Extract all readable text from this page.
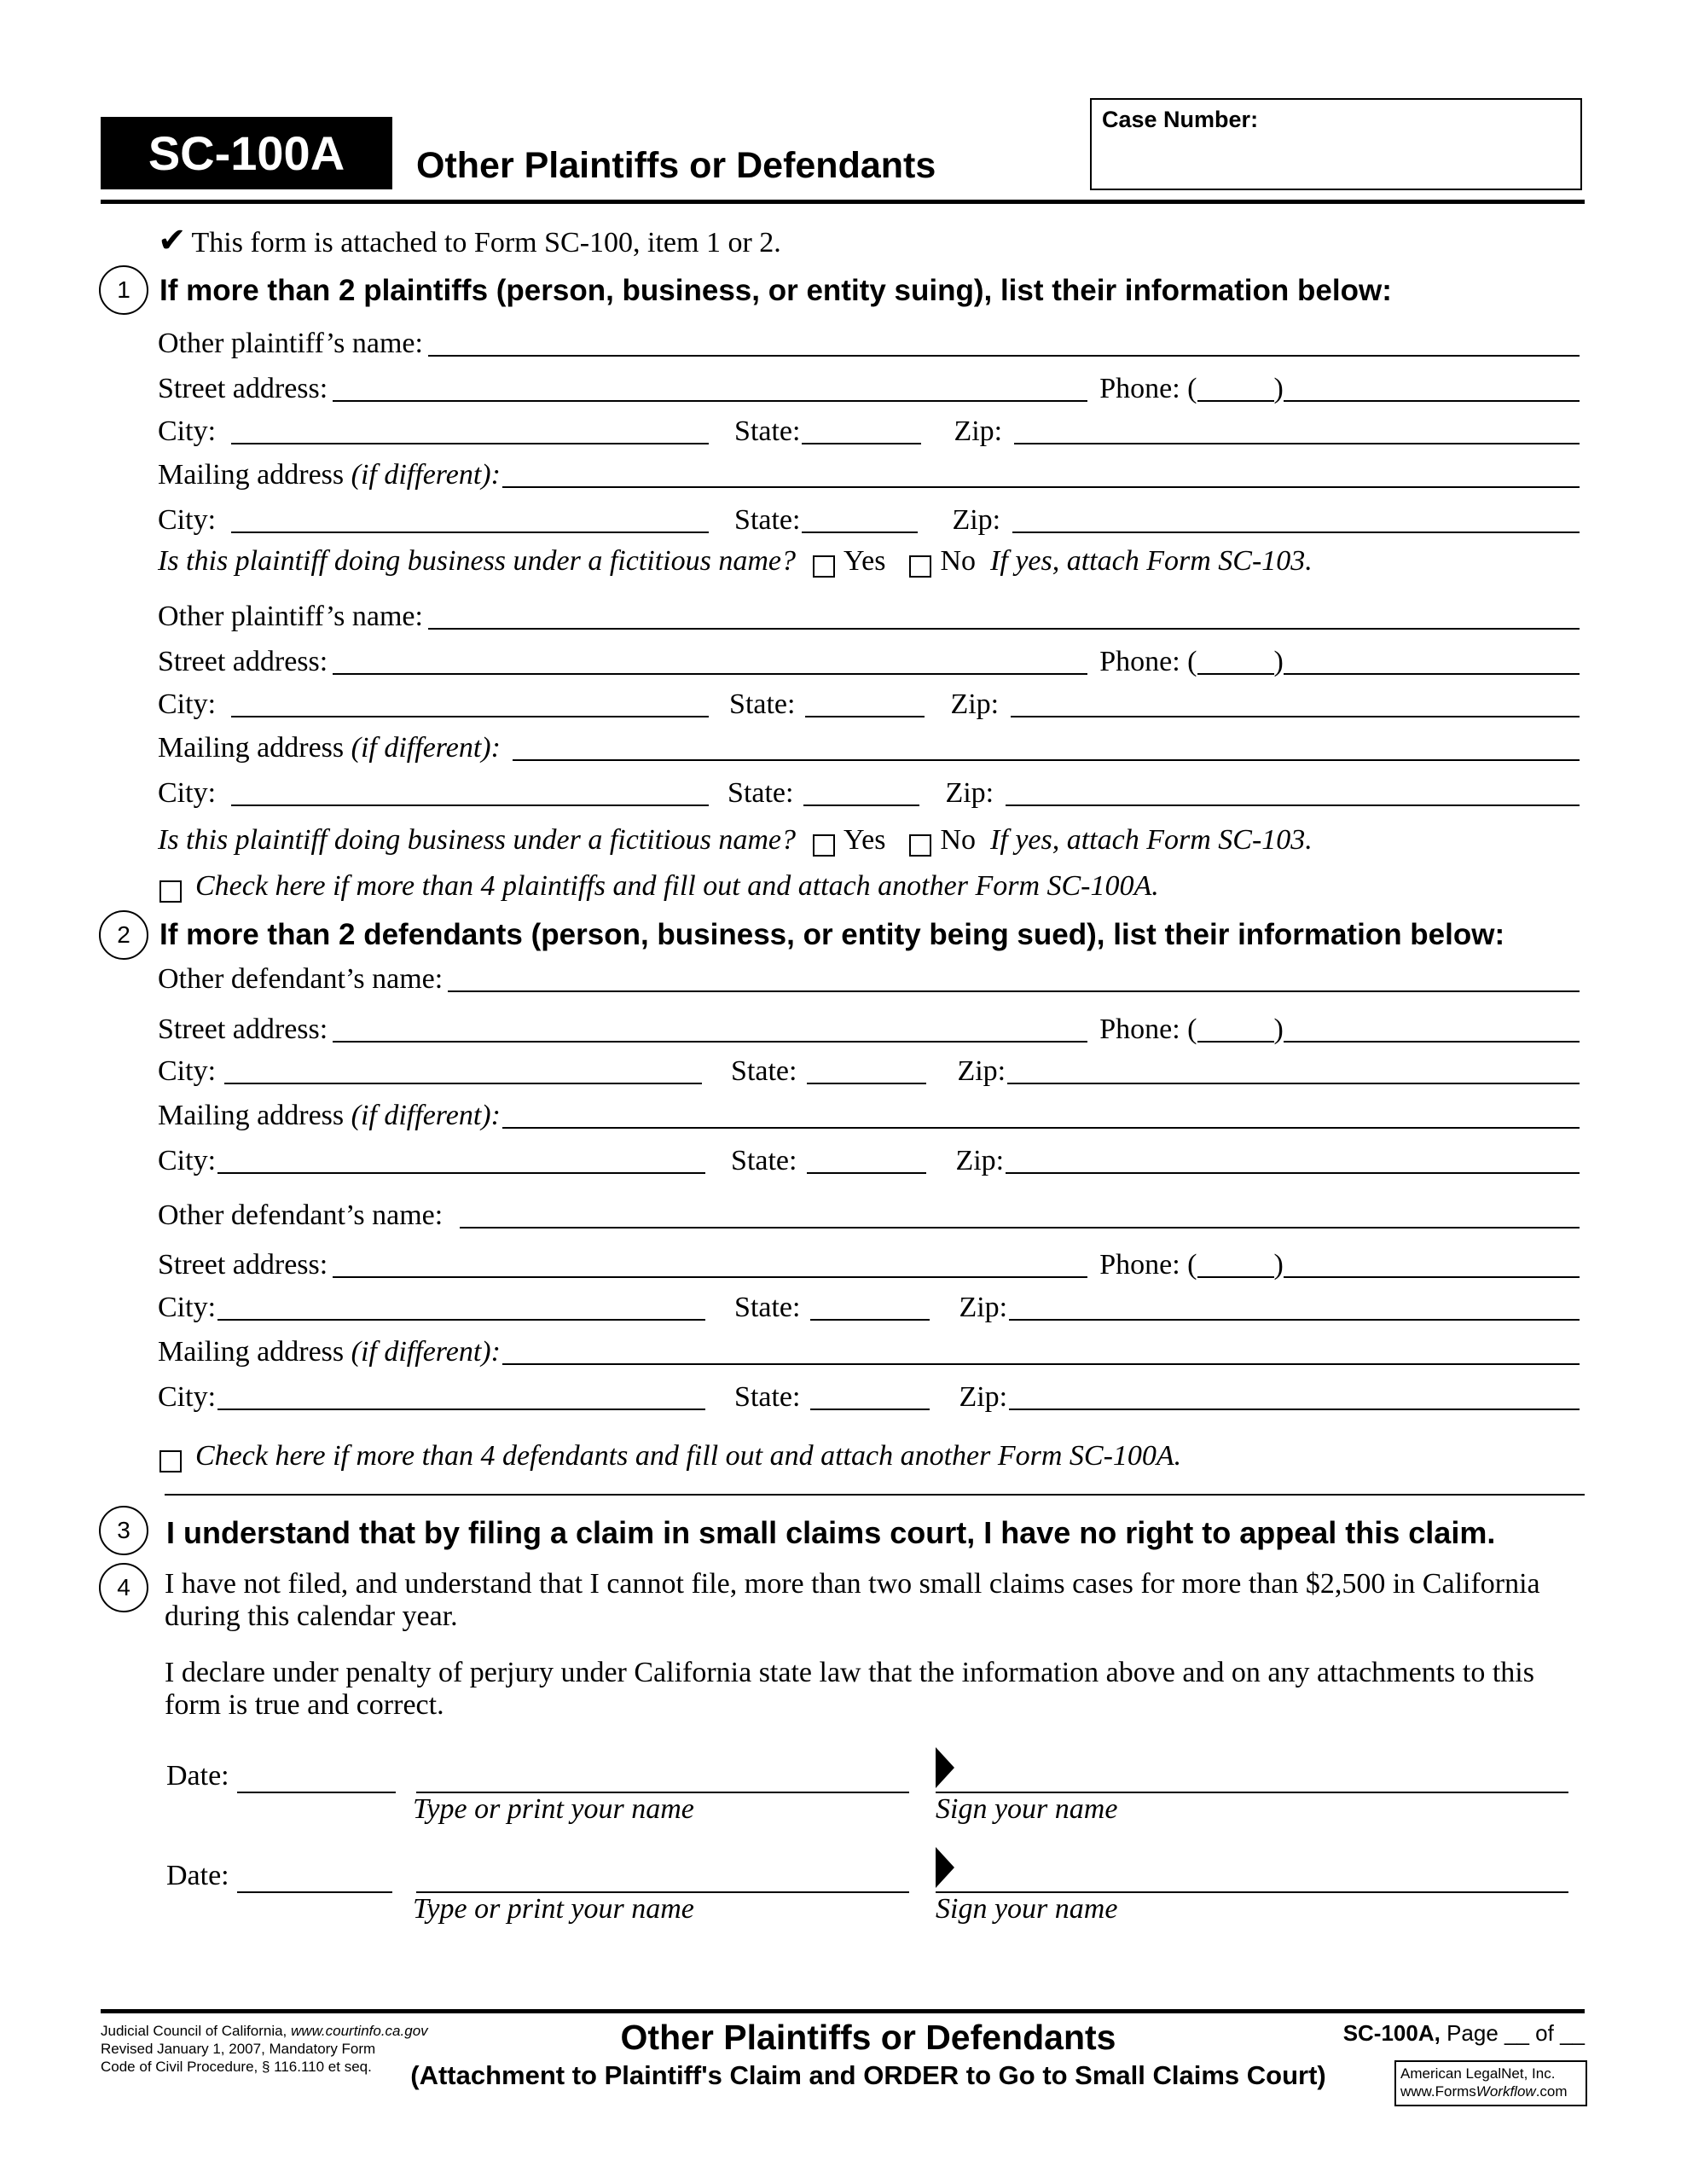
SC-100A	Other Plaintiffs or Defendants
Case Number:
✔ This form is attached to Form SC-100, item 1 or 2.
1 If more than 2 plaintiffs (person, business, or entity suing), list their information below:
Other plaintiff’s name:
Street address:	Phone: (	)
City:	State:	Zip:
Mailing address
(if different):
City:	State:	Zip:
Is this plaintiff doing business under a fictitious name? Yes No
If yes, attach Form SC-103.
Other plaintiff’s name:
Street address:	Phone: (	)
City:	State:	Zip:
Mailing address
(if different):
City:	State:	Zip:
Is this plaintiff doing business under a fictitious name? Yes No
If yes, attach Form SC-103.
Check here if more than 4 plaintiffs and fill out and attach another Form SC-100A.
2 If more than 2 defendants (person, business, or entity being sued), list their information below:
Other defendant’s name:
Street address:	Phone: (	)
City:	State:	Zip:
Mailing address
(if different):
City:	State:	Zip:
Other defendant’s name:
Street address:	Phone: (	)
City:	State:	Zip:
Mailing address
(if different):
City:	State:	Zip:
Check here if more than 4 defendants and fill out and attach another Form SC-100A.
3	I understand that by filing a claim in small claims court, I have no right to appeal this claim.
4	I have not filed, and understand that I cannot file, more than two small claims cases for more than $2,500 in California during this calendar year.
I declare under penalty of perjury under California state law that the information above and on any attachments to this form is true and correct.
Date:
Type or print your name	Sign your name
Date:
Type or print your name	Sign your name
Judicial Council of California, www.courtinfo.ca.gov
Revised January 1, 2007, Mandatory Form
Code of Civil Procedure, § 116.110 et seq.
Other Plaintiffs or Defendants
(Attachment to Plaintiff's Claim and ORDER to Go to Small Claims Court)
SC-100A, Page __ of __
American LegalNet, Inc.
www.FormsWorkflow.com
